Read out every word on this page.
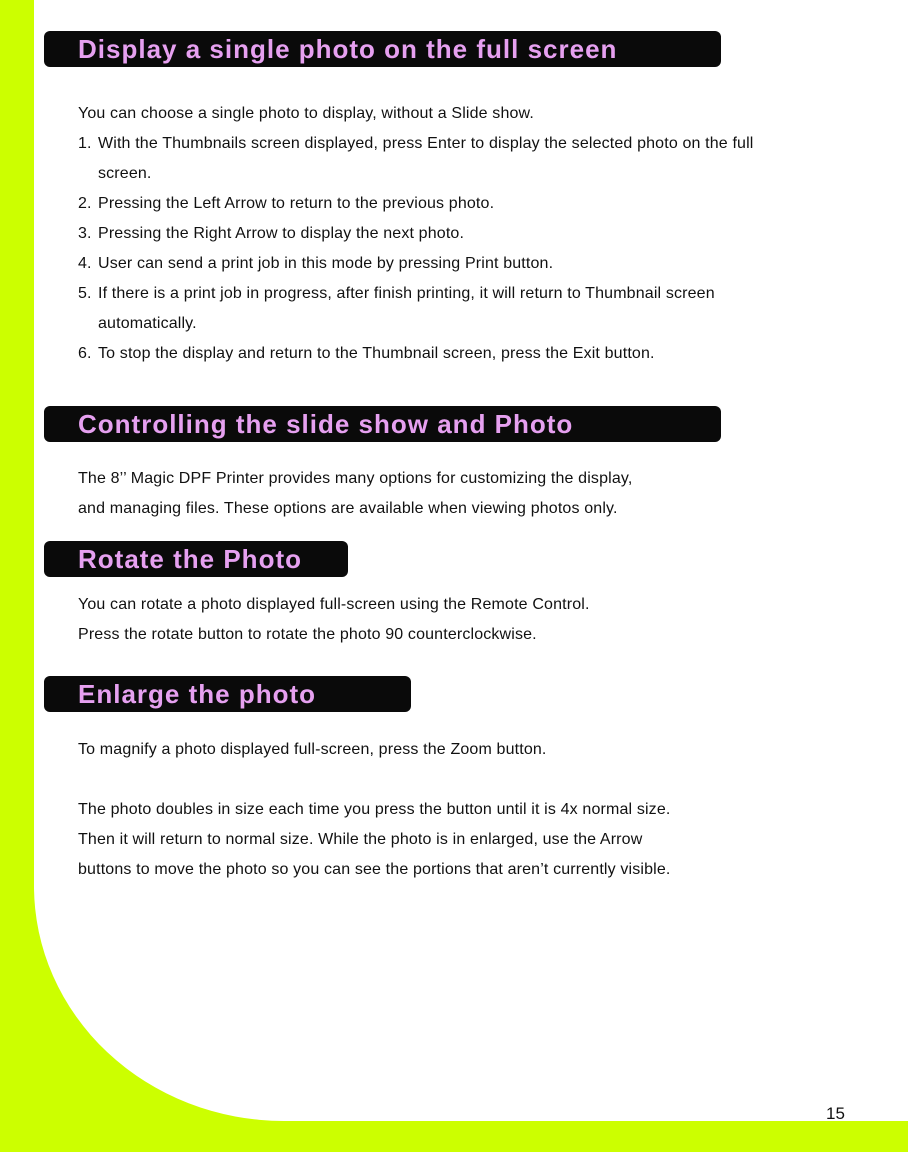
Display a single photo on the full screen

You can choose a single photo to display, without a Slide show.

1. With the Thumbnails screen displayed, press Enter to display the selected photo on the full
screen.
2. Pressing the Left Arrow to return to the previous photo.
3. Pressing the Right Arrow to display the next photo.
4. User can send a print job in this mode by pressing Print button.
5. If there is a print job in progress, after finish printing, it will return to Thumbnail screen
automatically.
6. To stop the display and return to the Thumbnail screen, press the Exit button.
Controlling the slide show and Photo

The 8’’ Magic DPF Printer provides many options for customizing the display,

and managing files. These options are available when viewing photos only.

Rotate the Photo

You can rotate a photo displayed full-screen using the Remote Control.

Press the rotate button to rotate the photo 90 counterclockwise.

Enlarge the photo

To magnify a photo displayed full-screen, press the Zoom button.

The photo doubles in size each time you press the button until it is 4x normal size.

Then it will return to normal size. While the photo is in enlarged, use the Arrow

buttons to move the photo so you can see the portions that aren’t currently visible.

15
